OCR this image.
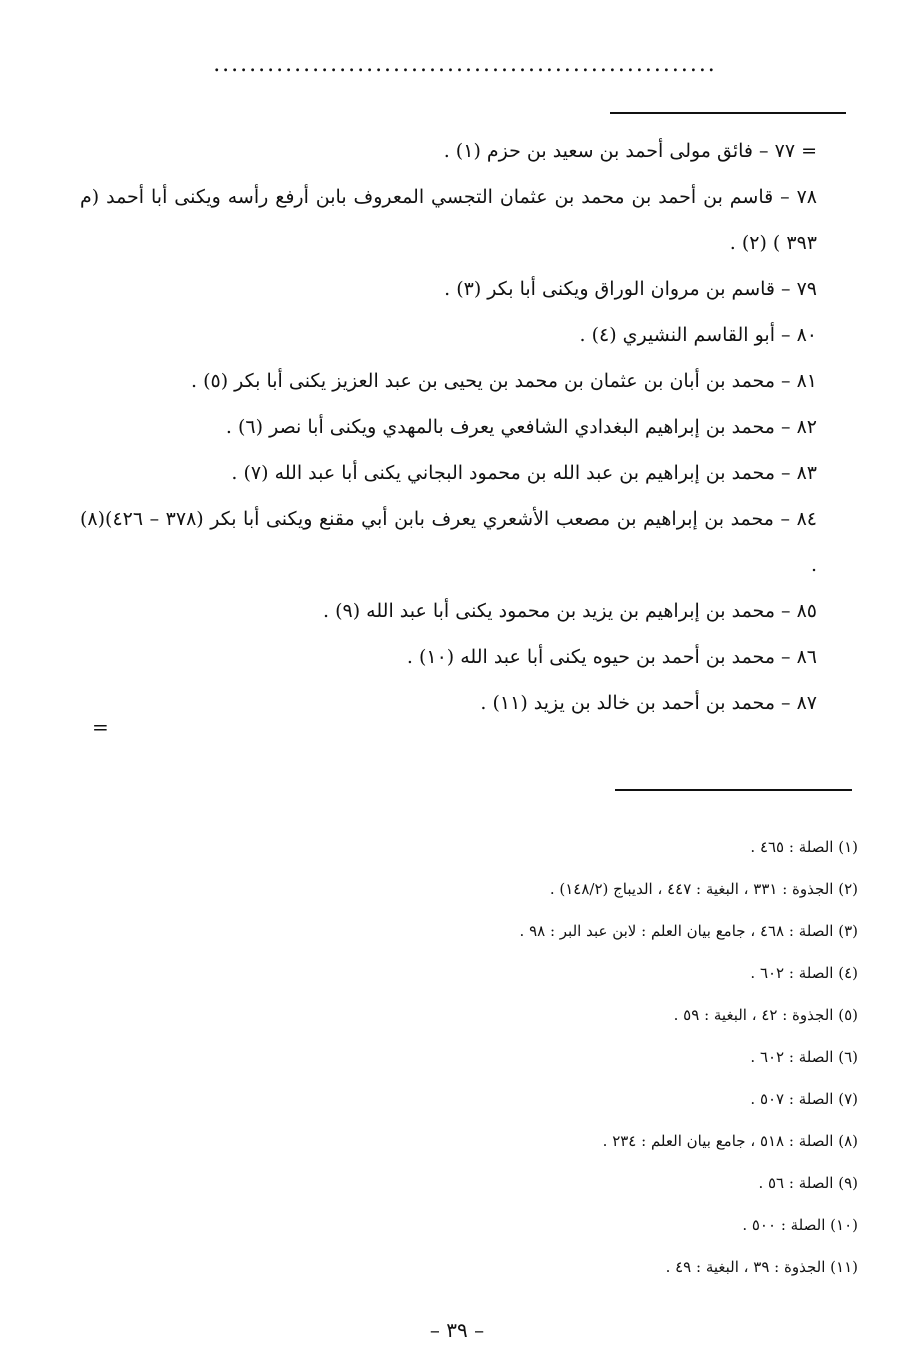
........................................................

= ٧٧ – فائق مولى أحمد بن سعيد بن حزم (١) .

٧٨ – قاسم بن أحمد بن محمد بن عثمان التجسي المعروف بابن أرفع رأسه ويكنى أبا أحمد (م ٣٩٣ ) (٢) .

٧٩ – قاسم بن مروان الوراق ويكنى أبا بكر (٣) .

٨٠ – أبو القاسم النشيري (٤) .

٨١ – محمد بن أبان بن عثمان بن محمد بن يحيى بن عبد العزيز يكنى أبا بكر (٥) .

٨٢ – محمد بن إبراهيم البغدادي الشافعي يعرف بالمهدي ويكنى أبا نصر (٦) .

٨٣ – محمد بن إبراهيم بن عبد الله بن محمود البجاني يكنى أبا عبد الله (٧) .

٨٤ – محمد بن إبراهيم بن مصعب الأشعري يعرف بابن أبي مقنع ويكنى أبا بكر (٣٧٨ – ٤٢٦)(٨) .

٨٥ – محمد بن إبراهيم بن يزيد بن محمود يكنى أبا عبد الله (٩) .

٨٦ – محمد بن أحمد بن حيوه يكنى أبا عبد الله (١٠) .

٨٧ – محمد بن أحمد بن خالد بن يزيد (١١) .

=

(١) الصلة : ٤٦٥ .

(٢) الجذوة : ٣٣١ ، البغية : ٤٤٧ ، الديباج (١٤٨/٢) .

(٣) الصلة : ٤٦٨ ، جامع بيان العلم : لابن عبد البر : ٩٨ .

(٤) الصلة : ٦٠٢ .

(٥) الجذوة : ٤٢ ، البغية : ٥٩ .

(٦) الصلة : ٦٠٢ .

(٧) الصلة : ٥٠٧ .

(٨) الصلة : ٥١٨ ، جامع بيان العلم : ٢٣٤ .

(٩) الصلة : ٥٦ .

(١٠) الصلة : ٥٠٠ .

(١١) الجذوة : ٣٩ ، البغية : ٤٩ .

– ٣٩ –
